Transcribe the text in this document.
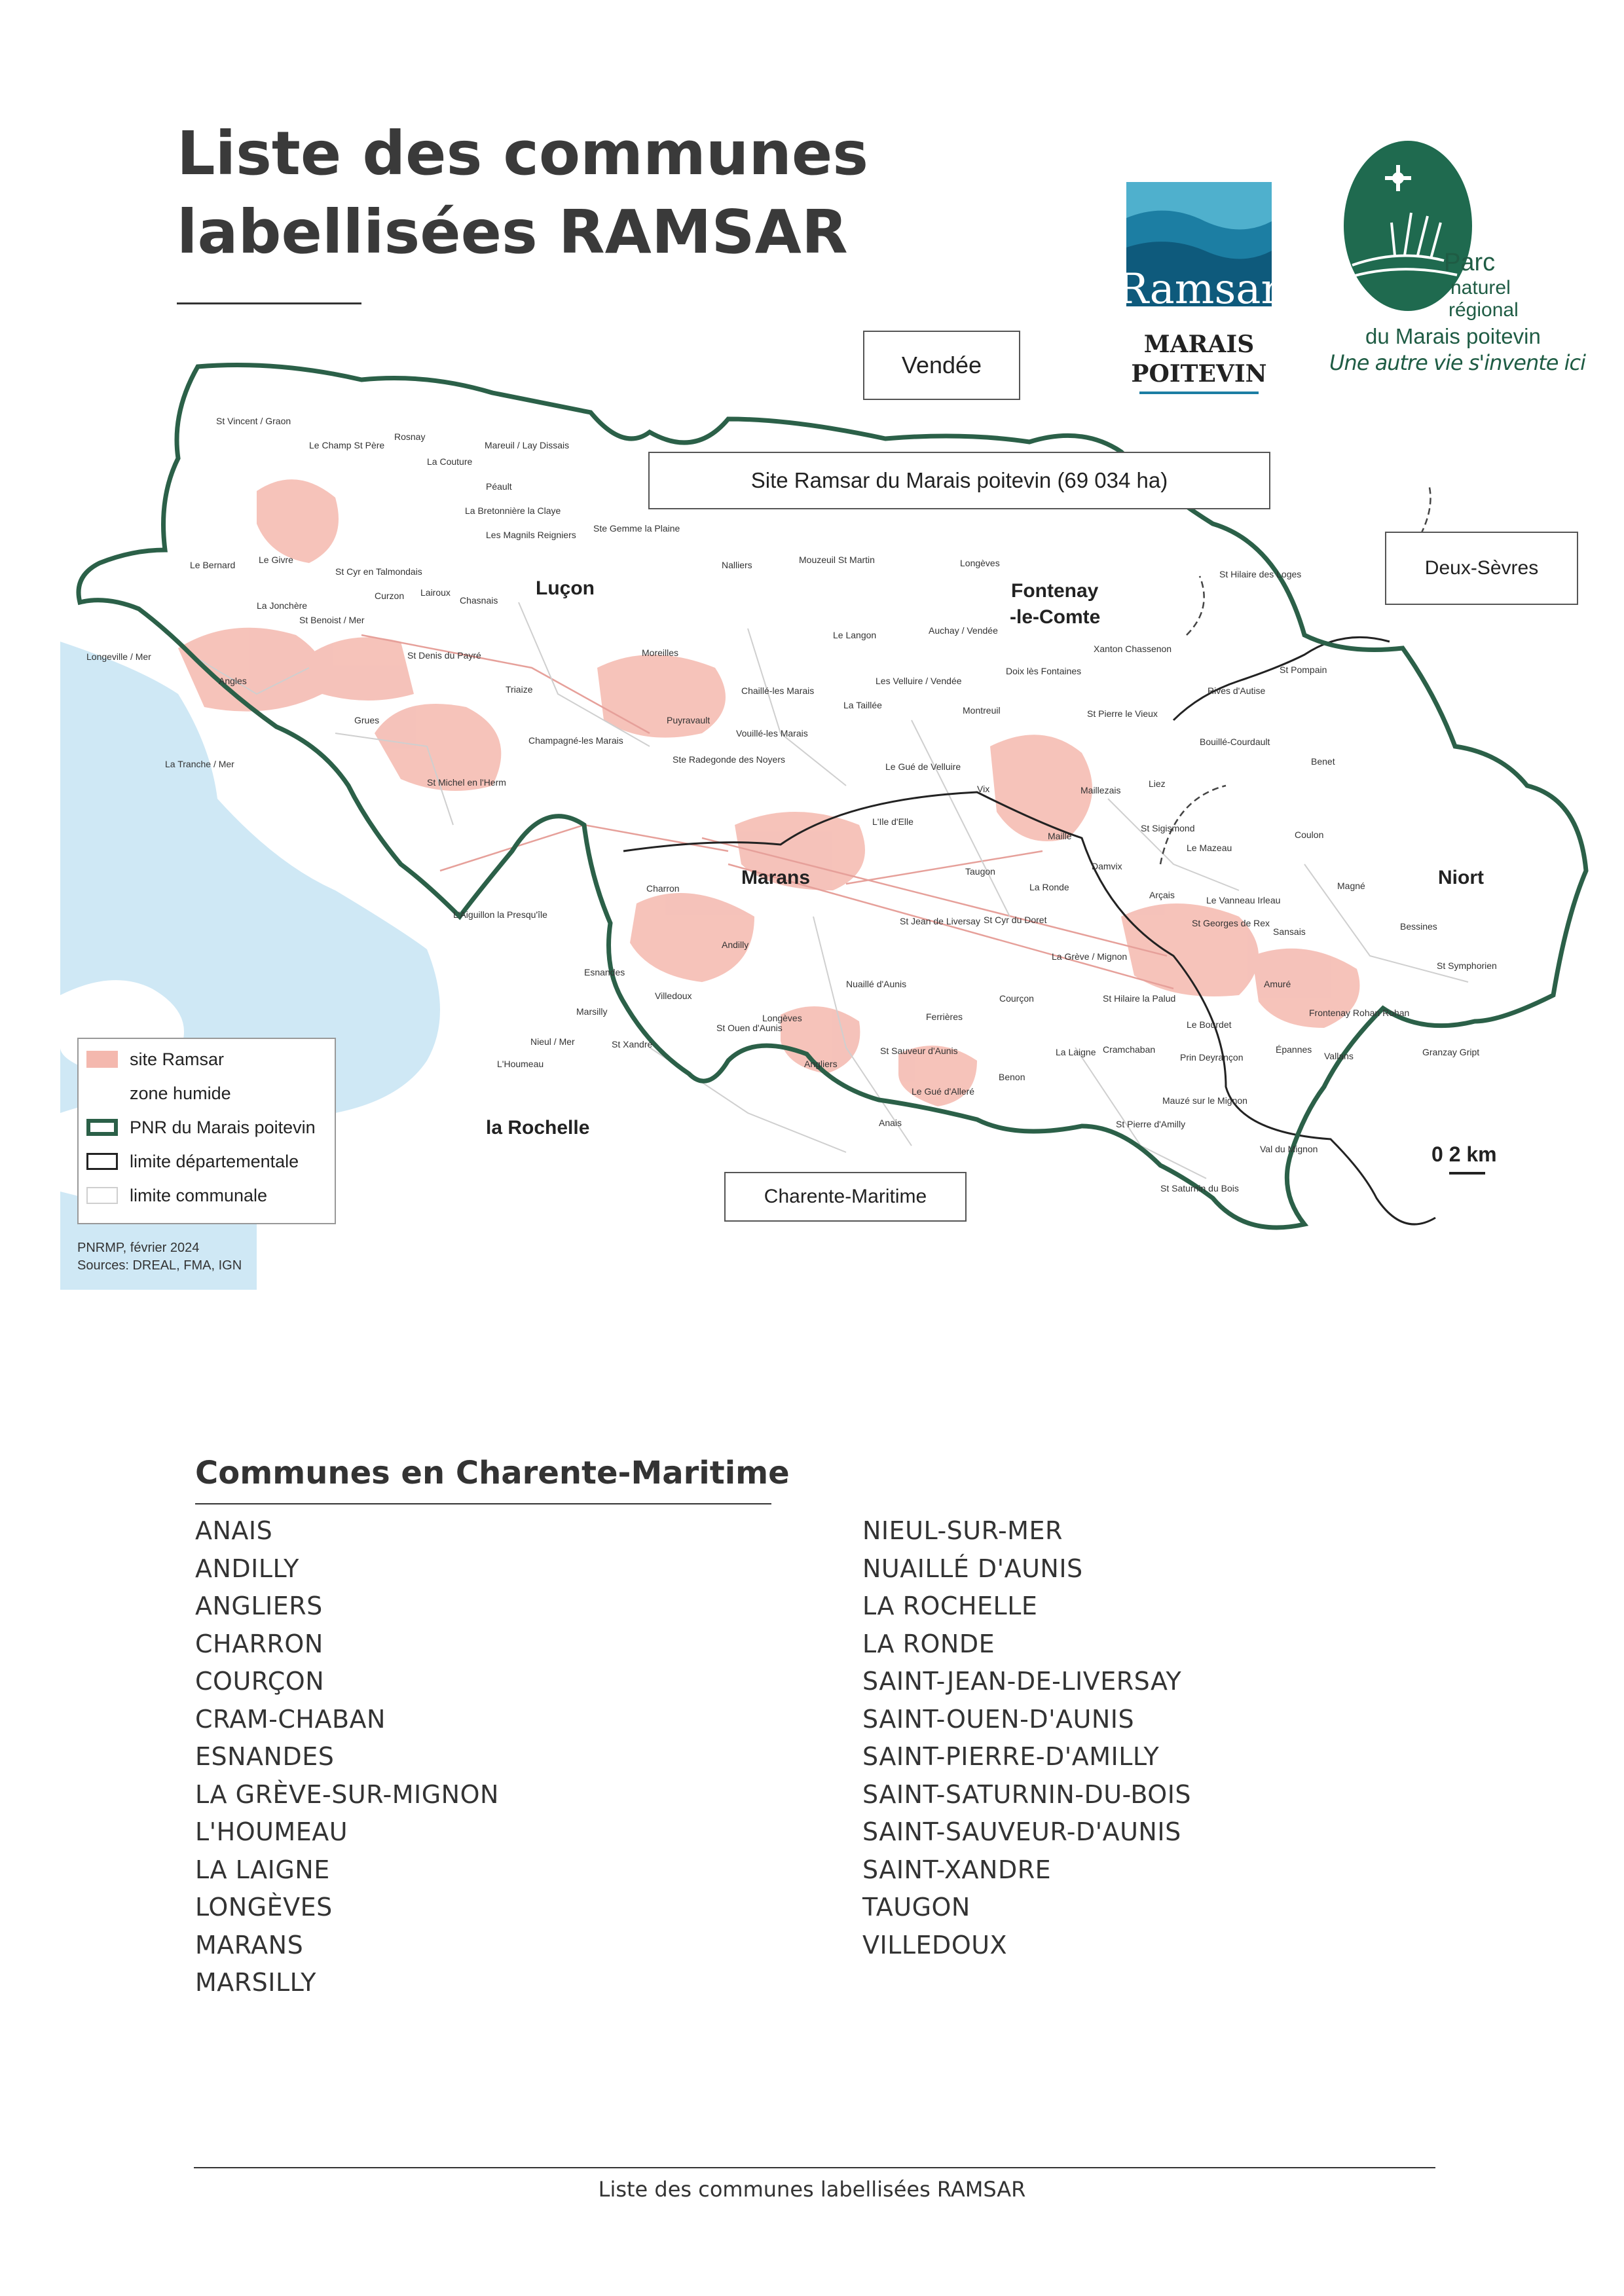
Liste des communes
labellisées RAMSAR
Ramsar
MARAIS
POITEVIN
Parc
naturel
régional
du Marais poitevin
Une autre vie s'invente ici
St Vincent / Graon
Rosnay
Le Champ St Père
La Couture
Mareuil / Lay Dissais
Péault
La Bretonnière la Claye
Les Magnils Reigniers
Ste Gemme la Plaine
Le Bernard	Le Givre
St Cyr en Talmondais
Curzon Lairoux
Chasnais
La Jonchère
St Benoist / Mer
Nalliers	Mouzeuil St Martin	Longèves
St Hilaire des Loges
Longeville / Mer	St Denis du Payré
Le Langon	Auchay / Vendée
Xanton Chassenon
Moreilles
Doix lès Fontaines
Angles
Triaize	Chaillé-les Marais
Les Velluire / Vendée
St Pompain
Rives d'Autise
La Taillée
Grues	Puyravault
Montreuil	St Pierre le Vieux
Vouillé-les Marais
Champagné-les Marais	Bouillé-Courdault
Benet
La Tranche / Mer	Ste Radegonde des Noyers
Le Gué de Velluire
St Michel en l'Herm
Vix	Maillezais
Liez
L'Ile d'Elle
Maillé
St Sigismond
Coulon
Le Mazeau
Damvix
Taugon
La Ronde
Arçais
Charron
Le Vanneau Irleau
Magné
L'Aiguillon la Presqu'île
St Jean de Liversay St Cyr du Doret	St Georges de Rex
Sansais	Bessines
Andilly
La Grève / Mignon
Esnandes
Nuaillé d'Aunis
St Symphorien
Amuré
St Hilaire la Palud
Villedoux	Courçon
Frontenay Rohan Rohan
Marsilly
Longèves	Ferrières
Le Bourdet
St Ouen d'Aunis
Nieul / Mer	St Xandre
St Sauveur d'Aunis	La Laigne Cramchaban
Prin Deyrançon
Épannes
Vallans	Granzay Gript
Angliers
Benon
L'Houmeau
Le Gué d'Alleré
Mauzé sur le Mignon
Anais	St Pierre d'Amilly
Val du Mignon
St Saturnin du Bois
Luçon	Fontenay
-le-Comte
Marans	Niort
la Rochelle
Vendée
Site Ramsar du Marais poitevin (69 034 ha)
Deux-Sèvres
Charente-Maritime
site Ramsar
zone humide
PNR du Marais poitevin
limite départementale
limite communale
PNRMP, février 2024
Sources: DREAL, FMA, IGN
0 2 km
Communes en Charente-Maritime
ANAIS
ANDILLY
ANGLIERS
CHARRON
COURÇON
CRAM-CHABAN
ESNANDES
LA GRÈVE-SUR-MIGNON
L'HOUMEAU
LA LAIGNE
LONGÈVES
MARANS
MARSILLY
NIEUL-SUR-MER
NUAILLÉ D'AUNIS
LA ROCHELLE
LA RONDE
SAINT-JEAN-DE-LIVERSAY
SAINT-OUEN-D'AUNIS
SAINT-PIERRE-D'AMILLY
SAINT-SATURNIN-DU-BOIS
SAINT-SAUVEUR-D'AUNIS
SAINT-XANDRE
TAUGON
VILLEDOUX
Liste des communes labellisées RAMSAR
